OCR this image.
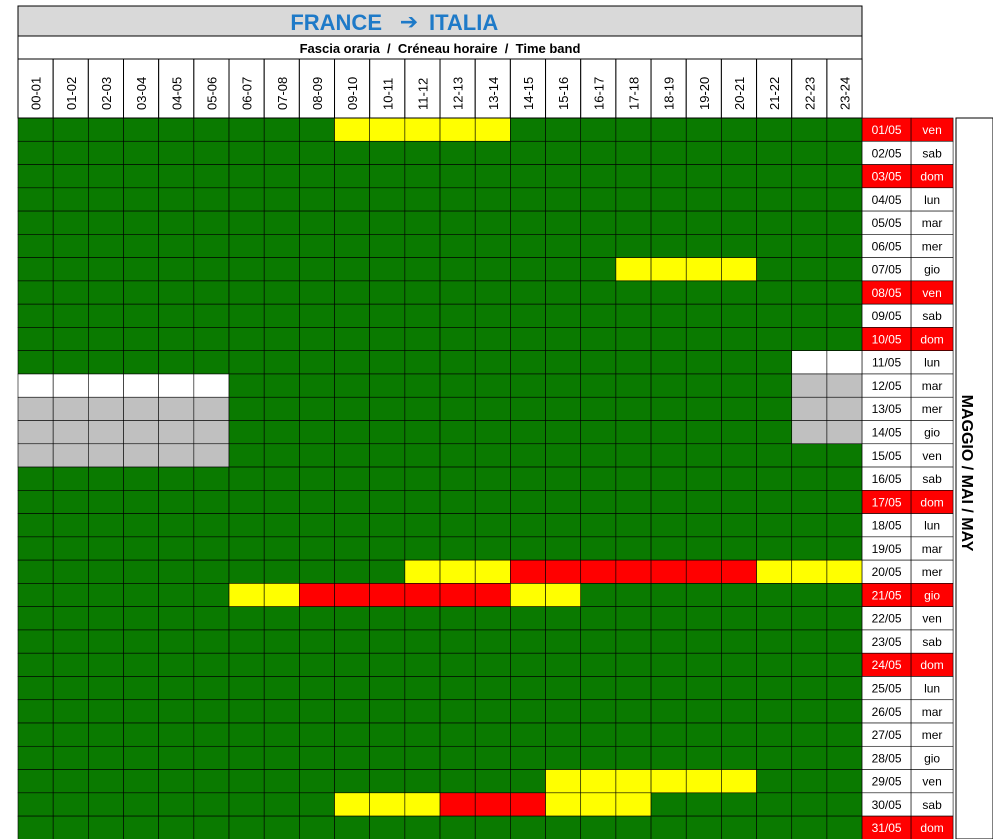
FRANCE ➔ ITALIA
Fascia oraria  /  Créneau horaire  /  Time band
00-01 01-02 02-03 03-04 04-05 05-06 06-07 07-08 08-09 09-10 10-11 11-12 12-13 13-14 14-15 15-16 16-17 17-18 18-19 19-20 20-21 21-22 22-23 23-24
01/05 ven
02/05 sab
03/05 dom
04/05 lun
05/05 mar
06/05 mer
07/05 gio
08/05 ven
09/05 sab
10/05 dom
11/05 lun
12/05 mar
13/05 mer
14/05 gio
15/05 ven
16/05 sab
17/05 dom
18/05 lun
19/05 mar
20/05 mer
21/05 gio
22/05 ven
23/05 sab
24/05 dom
25/05 lun
26/05 mar
27/05 mer
28/05 gio
29/05 ven
30/05 sab
31/05 dom
MAGGIO / MAI / MAY
